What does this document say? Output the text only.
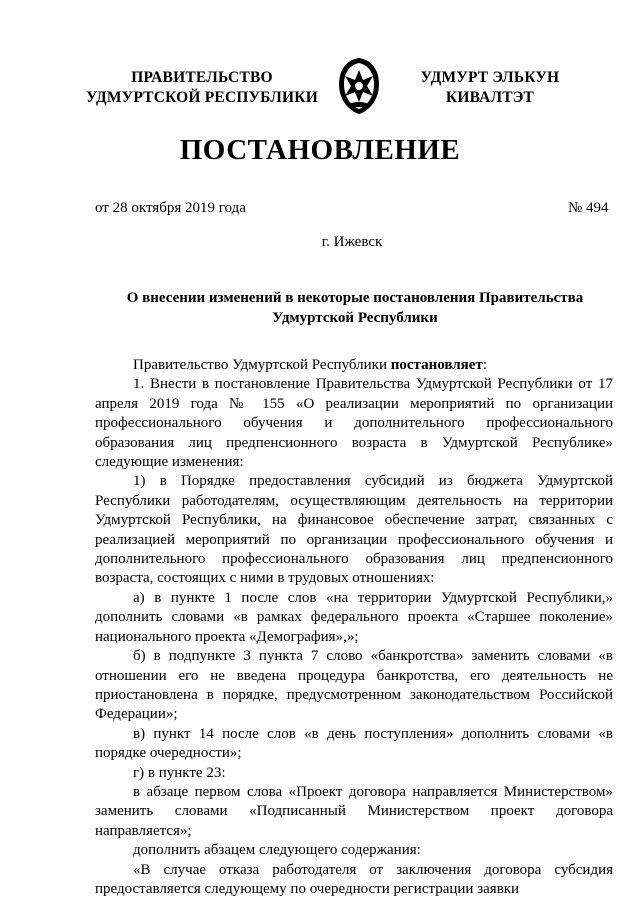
ПРАВИТЕЛЬСТВО
УДМУРТСКОЙ РЕСПУБЛИКИ
УДМУРТ ЭЛЬКУН
КИВАЛТЭТ
ПОСТАНОВЛЕНИЕ
от 28 октября 2019 года	№ 494
г. Ижевск
О внесении изменений в некоторые постановления Правительства
Удмуртской Республики

Правительство Удмуртской Республики постановляет:

1. Внести в постановление Правительства Удмуртской Республики от 17 апреля 2019 года № 155 «О реализации мероприятий по организации профессионального обучения и дополнительного профессионального образования лиц предпенсионного возраста в Удмуртской Республике» следующие изменения:

1) в Порядке предоставления субсидий из бюджета Удмуртской Республики работодателям, осуществляющим деятельность на территории Удмуртской Республики, на финансовое обеспечение затрат, связанных с реализацией мероприятий по организации профессионального обучения и дополнительного профессионального образования лиц предпенсионного возраста, состоящих с ними в трудовых отношениях:

а) в пункте 1 после слов «на территории Удмуртской Республики,» дополнить словами «в рамках федерального проекта «Старшее поколение» национального проекта «Демография»,»;

б) в подпункте 3 пункта 7 слово «банкротства» заменить словами «в отношении его не введена процедура банкротства, его деятельность не приостановлена в порядке, предусмотренном законодательством Российской Федерации»;

в) пункт 14 после слов «в день поступления» дополнить словами «в порядке очередности»;

г) в пункте 23:

в абзаце первом слова «Проект договора направляется Министерством» заменить словами «Подписанный Министерством проект договора направляется»;

дополнить абзацем следующего содержания:

«В случае отказа работодателя от заключения договора субсидия предоставляется следующему по очередности регистрации заявки
